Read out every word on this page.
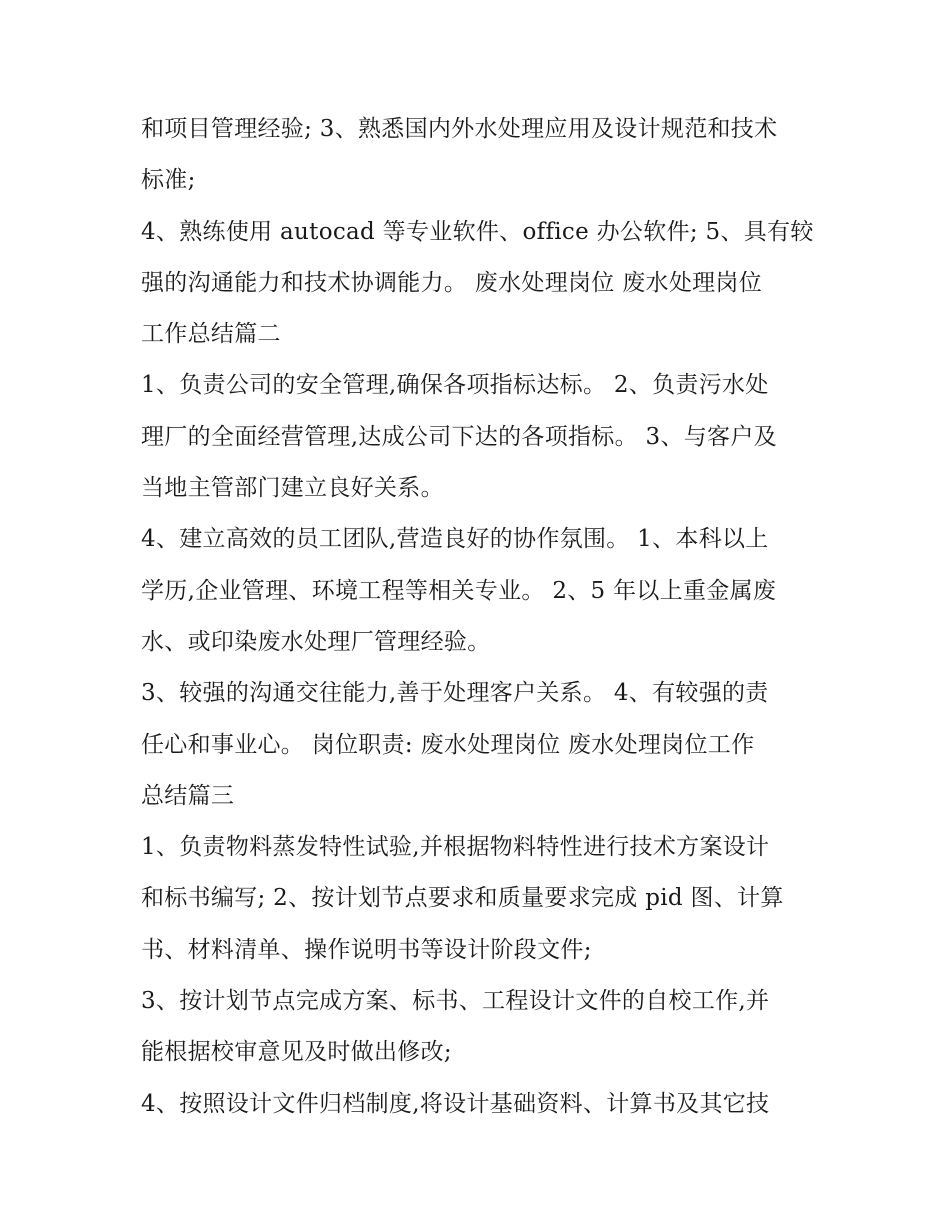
和项目管理经验; 3、熟悉国内外水处理应用及设计规范和技术
标准;
4、熟练使用 autocad 等专业软件、office 办公软件; 5、具有较
强的沟通能力和技术协调能力。 废水处理岗位 废水处理岗位
工作总结篇二
1、负责公司的安全管理,确保各项指标达标。 2、负责污水处
理厂的全面经营管理,达成公司下达的各项指标。 3、与客户及
当地主管部门建立良好关系。
4、建立高效的员工团队,营造良好的协作氛围。 1、本科以上
学历,企业管理、环境工程等相关专业。 2、5 年以上重金属废
水、或印染废水处理厂管理经验。
3、较强的沟通交往能力,善于处理客户关系。 4、有较强的责
任心和事业心。 岗位职责: 废水处理岗位 废水处理岗位工作
总结篇三
1、负责物料蒸发特性试验,并根据物料特性进行技术方案设计
和标书编写; 2、按计划节点要求和质量要求完成 pid 图、计算
书、材料清单、操作说明书等设计阶段文件;
3、按计划节点完成方案、标书、工程设计文件的自校工作,并
能根据校审意见及时做出修改;
4、按照设计文件归档制度,将设计基础资料、计算书及其它技
